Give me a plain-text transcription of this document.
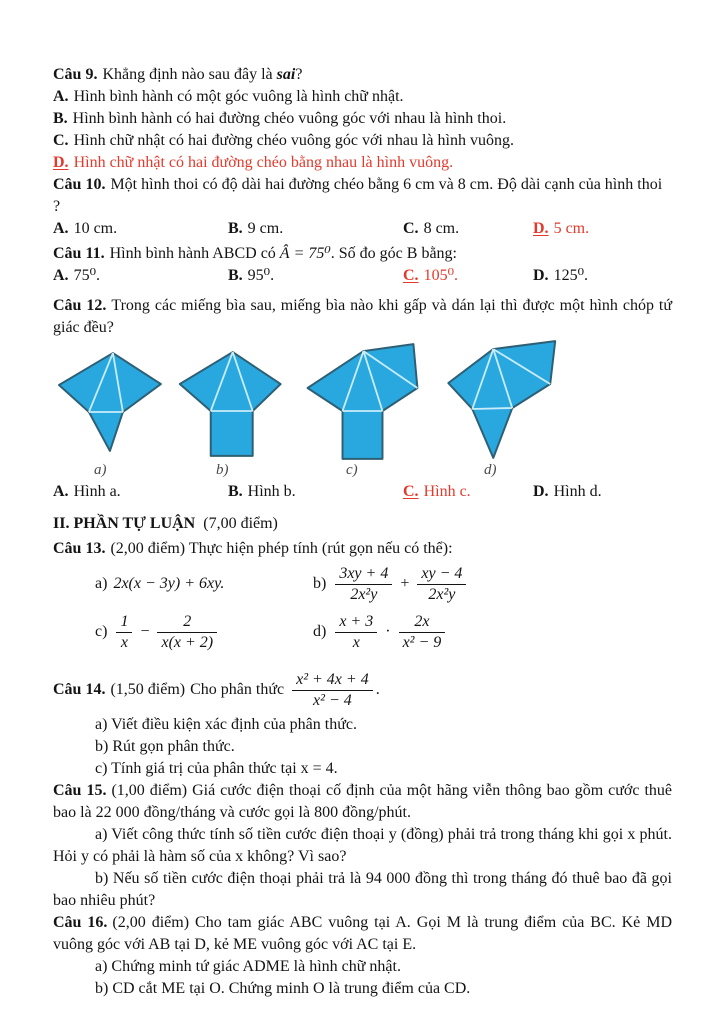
Câu 9. Khẳng định nào sau đây là sai?

A. Hình bình hành có một góc vuông là hình chữ nhật.

B. Hình bình hành có hai đường chéo vuông góc với nhau là hình thoi.

C. Hình chữ nhật có hai đường chéo vuông góc với nhau là hình vuông.

D. Hình chữ nhật có hai đường chéo bằng nhau là hình vuông.

Câu 10. Một hình thoi có độ dài hai đường chéo bằng 6 cm và 8 cm. Độ dài cạnh của hình thoi ?

A. 10 cm.	B. 9 cm.	C. 8 cm.	D. 5 cm.

Câu 11. Hình bình hành ABCD có Â = 75⁰. Số đo góc B bằng:

A. 75⁰.	B. 95⁰.	C. 105⁰.	D. 125⁰.

Câu 12. Trong các miếng bìa sau, miếng bìa nào khi gấp và dán lại thì được một hình chóp tứ giác đều?

a)	b)	c)	d)
A. Hình a.	B. Hình b.	C. Hình c.	D. Hình d.

II. PHẦN TỰ LUẬN (7,00 điểm)

Câu 13. (2,00 điểm) Thực hiện phép tính (rút gọn nếu có thể):

a) 2x(x − 3y) + 6xy.	$b) \frac{3xy + 4}{\text{2x²y}} + \frac{xy - 4}{\text{2x²y}}$
$c) \frac{1}{x} - \frac{2}{x(x + 2)}$	$d) \frac{x + 3}{x} \cdot \frac{2x}{\text{x² − 9}}$
Câu 14. (1,50 điểm) Cho phân thức $\frac{\text{x² + 4x + 4}}{\text{x² − 4}}$ .

a) Viết điều kiện xác định của phân thức.

b) Rút gọn phân thức.

c) Tính giá trị của phân thức tại x = 4.

Câu 15. (1,00 điểm) Giá cước điện thoại cố định của một hãng viễn thông bao gồm cước thuê bao là 22 000 đồng/tháng và cước gọi là 800 đồng/phút.

a) Viết công thức tính số tiền cước điện thoại y (đồng) phải trả trong tháng khi gọi x phút. Hỏi y có phải là hàm số của x không? Vì sao?

b) Nếu số tiền cước điện thoại phải trả là 94 000 đồng thì trong tháng đó thuê bao đã gọi bao nhiêu phút?

Câu 16. (2,00 điểm) Cho tam giác ABC vuông tại A. Gọi M là trung điểm của BC. Kẻ MD vuông góc với AB tại D, kẻ ME vuông góc với AC tại E.

a) Chứng minh tứ giác ADME là hình chữ nhật.

b) CD cắt ME tại O. Chứng minh O là trung điểm của CD.
